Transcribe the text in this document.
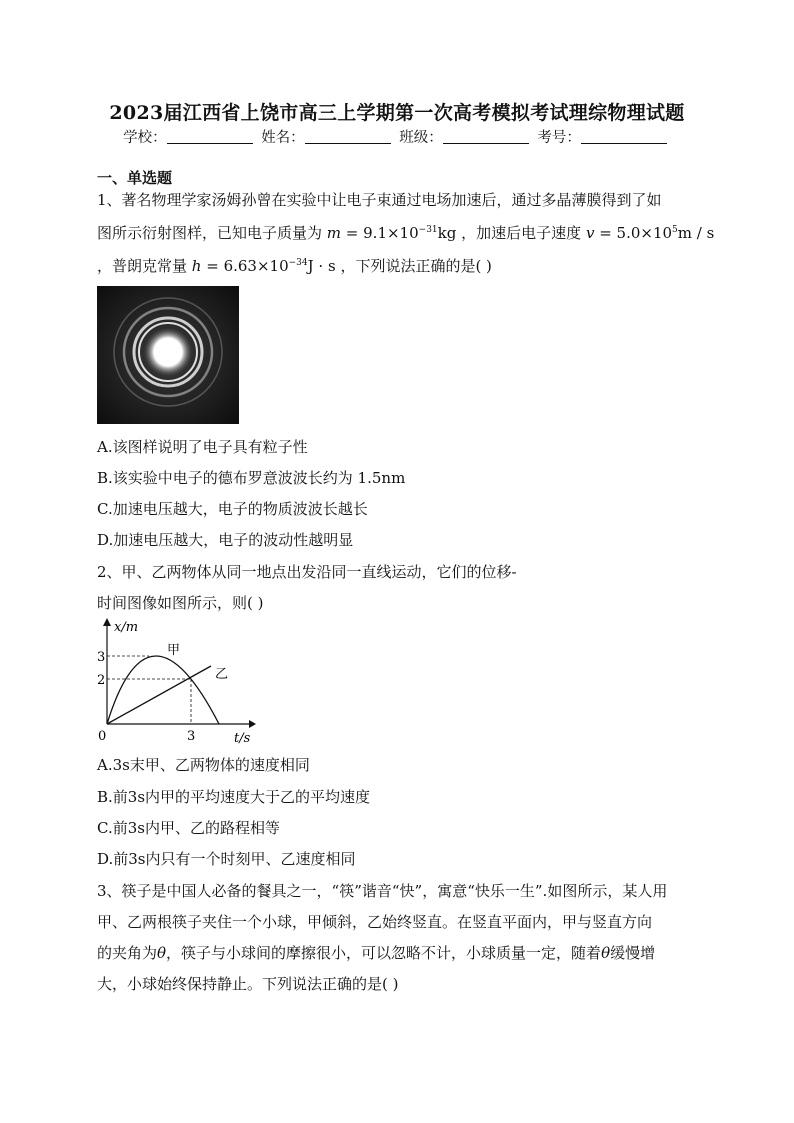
2023届江西省上饶市高三上学期第一次高考模拟考试理综物理试题
学校：	姓名：	班级：	考号：
一、单选题
1、著名物理学家汤姆孙曾在实验中让电子束通过电场加速后，通过多晶薄膜得到了如
图所示衍射图样，已知电子质量为 $m = 9.1\times 10^{-31}kg$ ，加速后电子速度 $v = 5.0\times 10^5m / s$
，普朗克常量 $h = 6.63\times 10^{-34}J \cdot s$ ，下列说法正确的是( )
A.该图样说明了电子具有粒子性
B.该实验中电子的德布罗意波波长约为 1.5nm
C.加速电压越大，电子的物质波波长越长
D.加速电压越大，电子的波动性越明显
2、甲、乙两物体从同一地点出发沿同一直线运动，它们的位移-
时间图像如图所示，则( )
x/m
t/s
0
3
2
3
甲
乙
A.3s末甲、乙两物体的速度相同
B.前3s内甲的平均速度大于乙的平均速度
C.前3s内甲、乙的路程相等
D.前3s内只有一个时刻甲、乙速度相同
3、筷子是中国人必备的餐具之一，“筷”谐音“快”，寓意“快乐一生”.如图所示，某人用
甲、乙两根筷子夹住一个小球，甲倾斜，乙始终竖直。在竖直平面内，甲与竖直方向
的夹角为θ，筷子与小球间的摩擦很小，可以忽略不计，小球质量一定，随着θ缓慢增
大，小球始终保持静止。下列说法正确的是( )
